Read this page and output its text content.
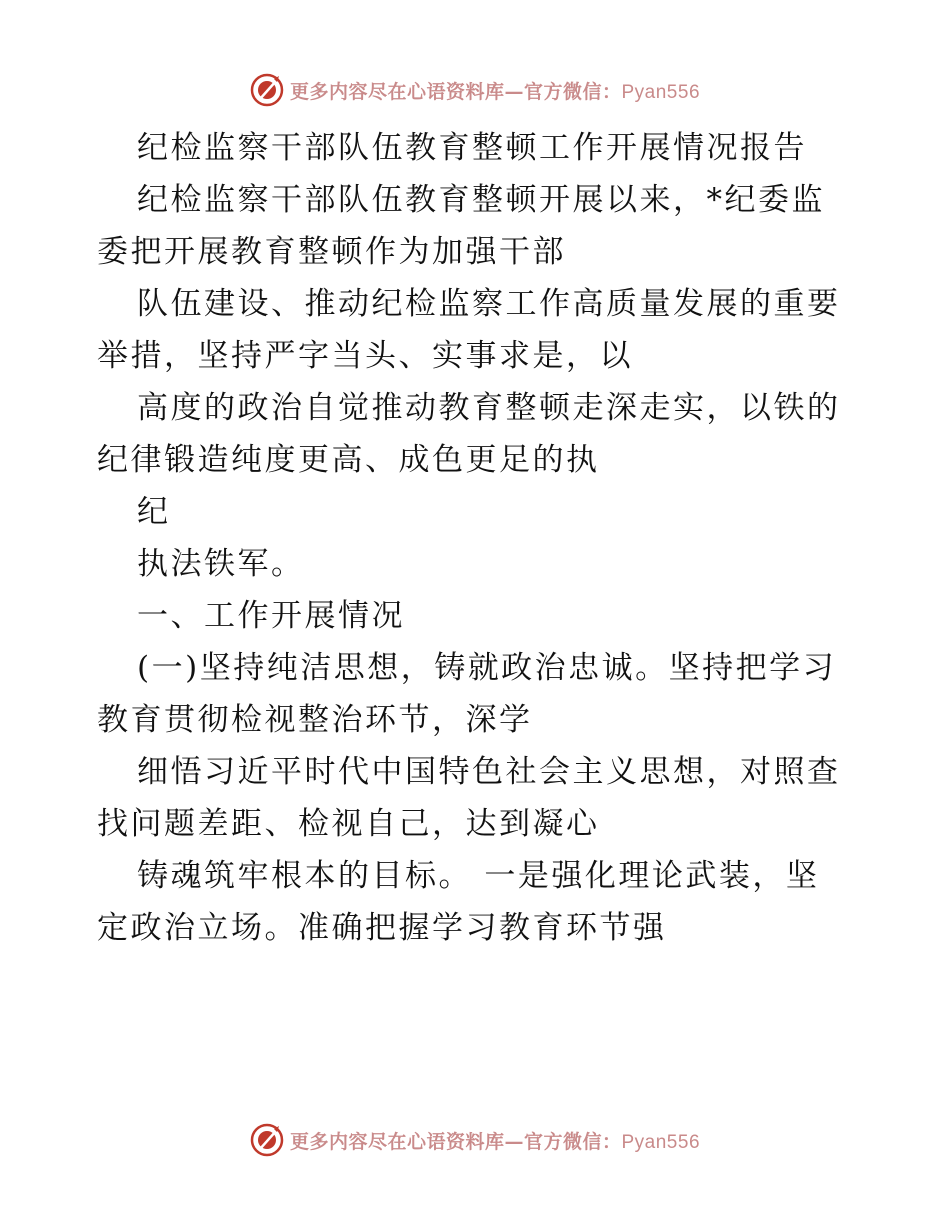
更多内容尽在心语资料库—官方微信：Pyan556
纪检监察干部队伍教育整顿工作开展情况报告
纪检监察干部队伍教育整顿开展以来，*纪委监
委把开展教育整顿作为加强干部
队伍建设、推动纪检监察工作高质量发展的重要
举措，坚持严字当头、实事求是，以
高度的政治自觉推动教育整顿走深走实，以铁的
纪律锻造纯度更高、成色更足的执
纪
执法铁军。
一、工作开展情况
(一)坚持纯洁思想，铸就政治忠诚。坚持把学习
教育贯彻检视整治环节，深学
细悟习近平时代中国特色社会主义思想，对照查
找问题差距、检视自己，达到凝心
铸魂筑牢根本的目标。 一是强化理论武装，坚
定政治立场。准确把握学习教育环节强
更多内容尽在心语资料库—官方微信：Pyan556
